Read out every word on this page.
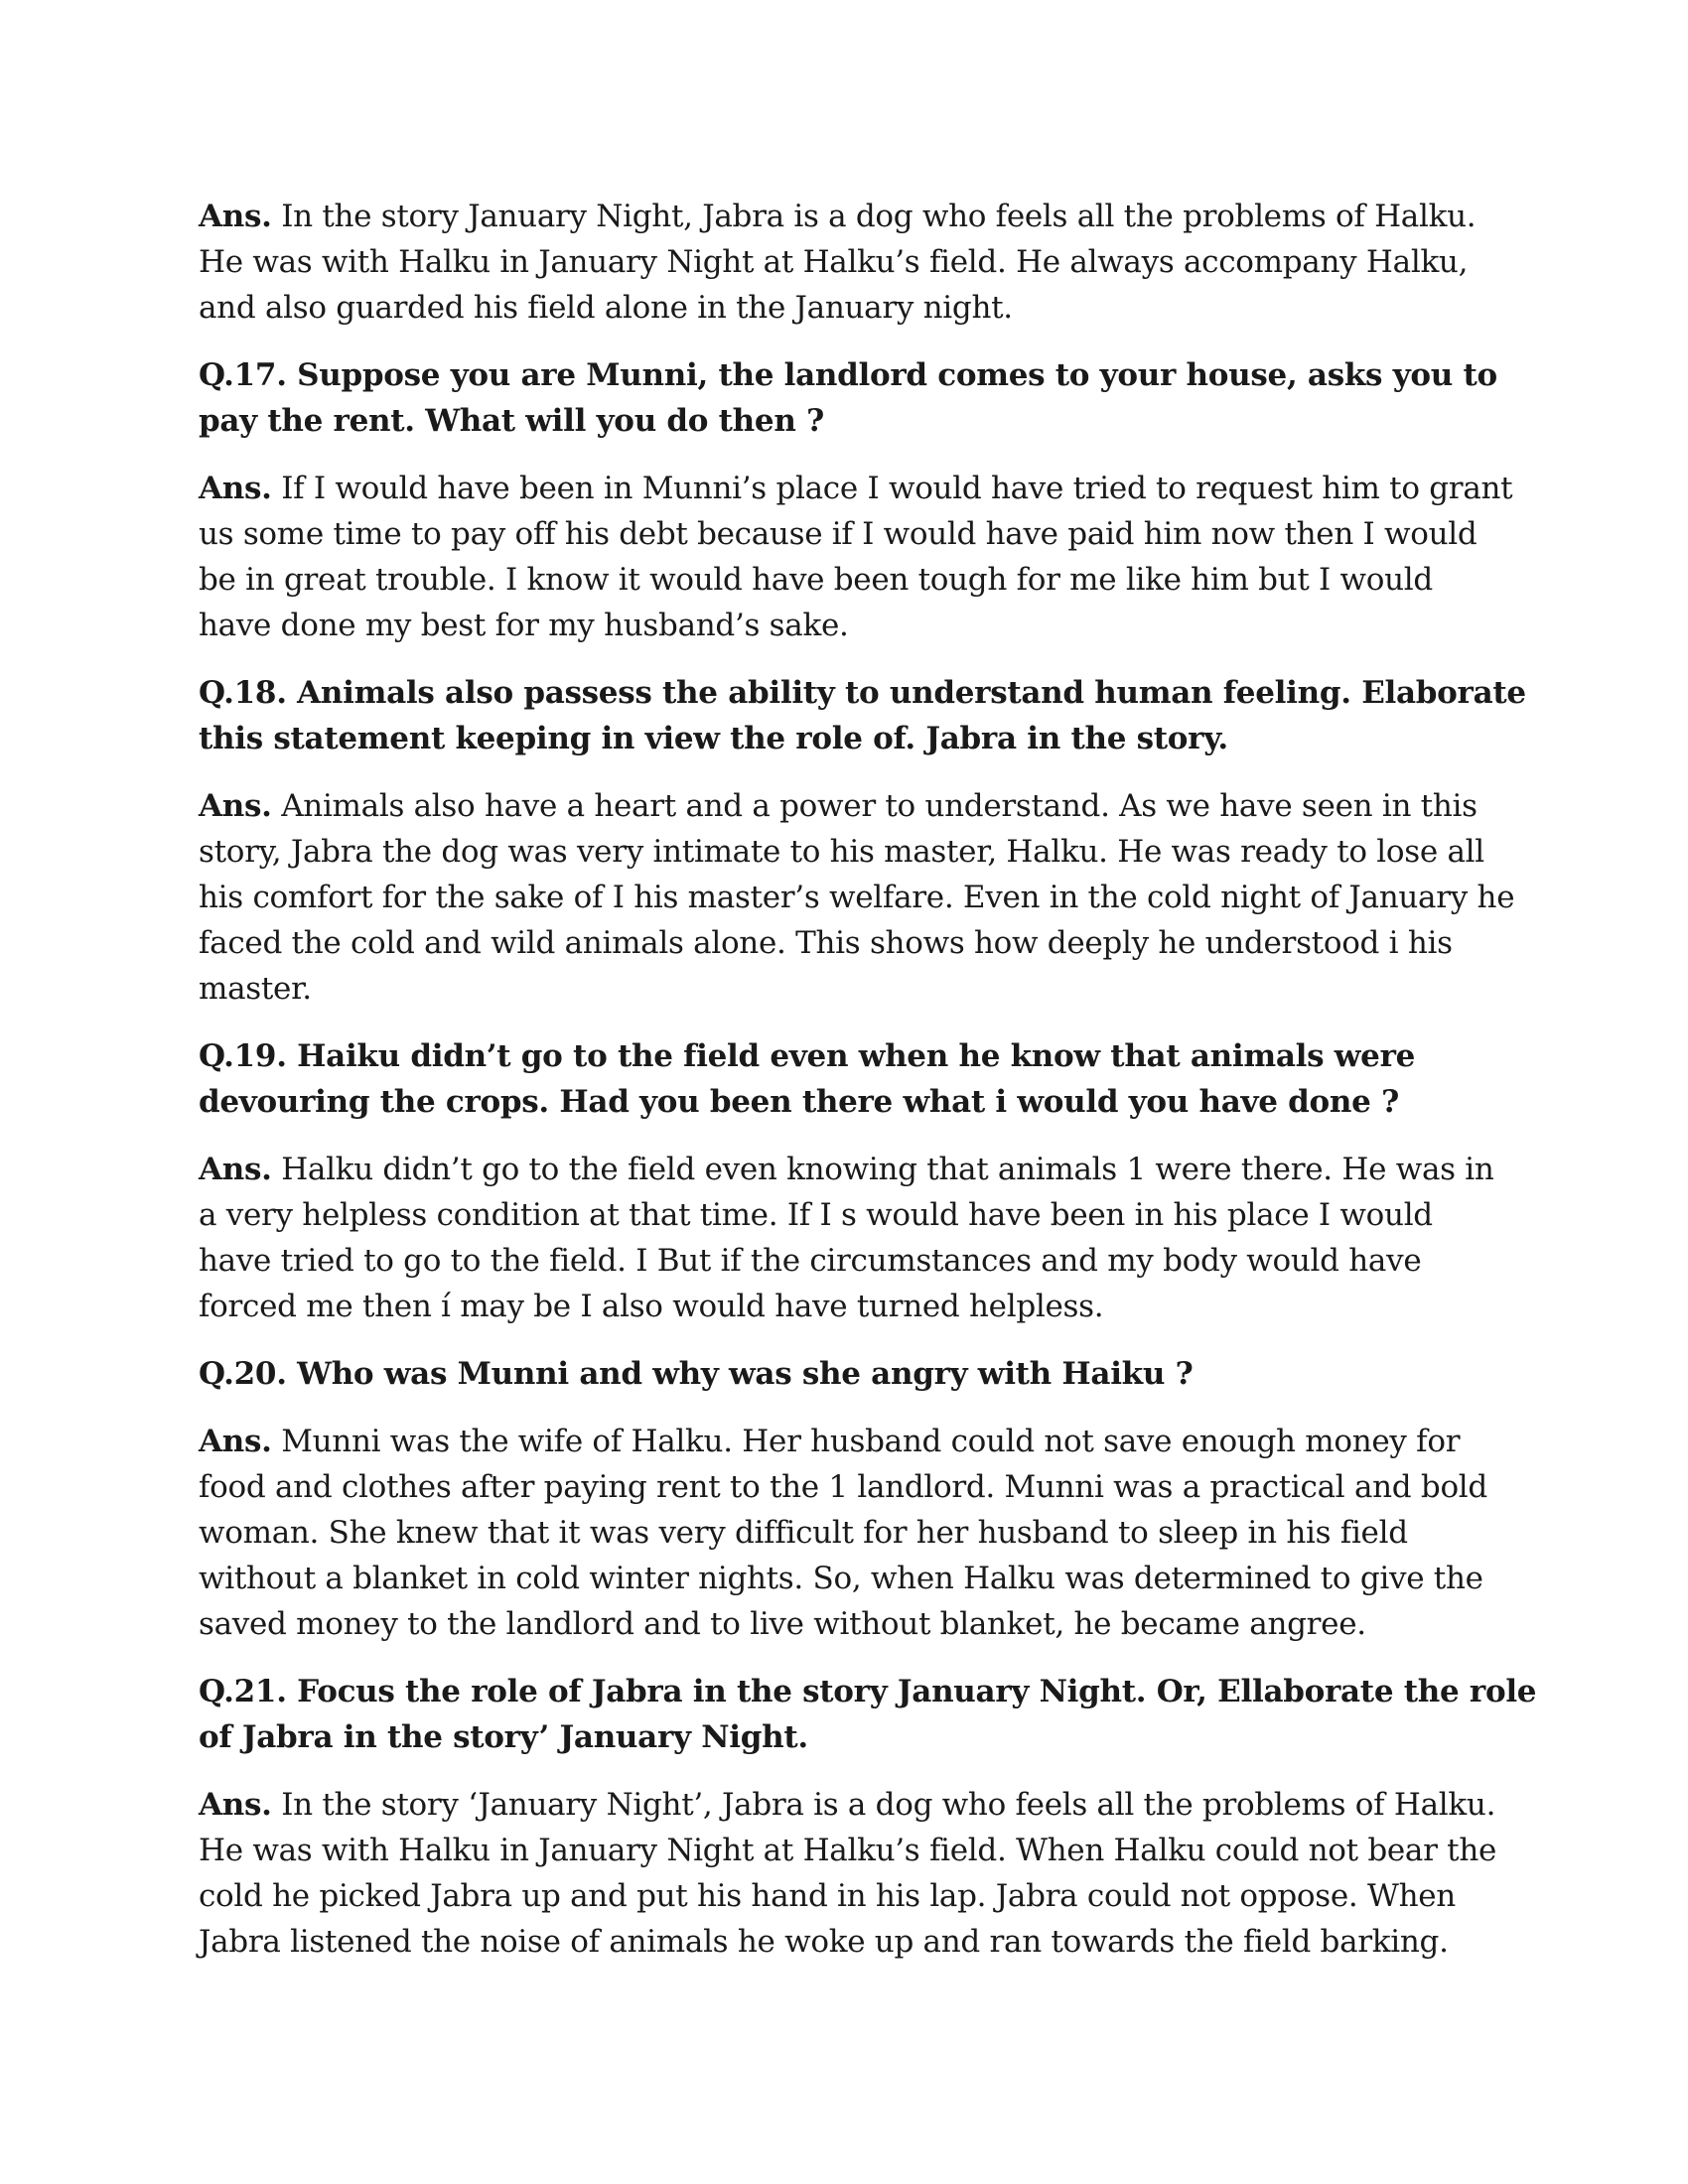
Ans. In the story January Night, Jabra is a dog who feels all the problems of Halku.
He was with Halku in January Night at Halku’s field. He always accompany Halku,
and also guarded his field alone in the January night.
Q.17. Suppose you are Munni, the landlord comes to your house, asks you to
pay the rent. What will you do then ?
Ans. If I would have been in Munni’s place I would have tried to request him to grant
us some time to pay off his debt because if I would have paid him now then I would
be in great trouble. I know it would have been tough for me like him but I would
have done my best for my husband’s sake.
Q.18. Animals also passess the ability to understand human feeling. Elaborate
this statement keeping in view the role of. Jabra in the story.
Ans. Animals also have a heart and a power to understand. As we have seen in this
story, Jabra the dog was very intimate to his master, Halku. He was ready to lose all
his comfort for the sake of I his master’s welfare. Even in the cold night of January he
faced the cold and wild animals alone. This shows how deeply he understood i his
master.
Q.19. Haiku didn’t go to the field even when he know that animals were
devouring the crops. Had you been there what i would you have done ?
Ans. Halku didn’t go to the field even knowing that animals 1 were there. He was in
a very helpless condition at that time. If I s would have been in his place I would
have tried to go to the field. I But if the circumstances and my body would have
forced me then í may be I also would have turned helpless.
Q.20. Who was Munni and why was she angry with Haiku ?
Ans. Munni was the wife of Halku. Her husband could not save enough money for
food and clothes after paying rent to the 1 landlord. Munni was a practical and bold
woman. She knew that it was very difficult for her husband to sleep in his field
without a blanket in cold winter nights. So, when Halku was determined to give the
saved money to the landlord and to live without blanket, he became angree.
Q.21. Focus the role of Jabra in the story January Night. Or, Ellaborate the role
of Jabra in the story’ January Night.
Ans. In the story ‘January Night’, Jabra is a dog who feels all the problems of Halku.
He was with Halku in January Night at Halku’s field. When Halku could not bear the
cold he picked Jabra up and put his hand in his lap. Jabra could not oppose. When
Jabra listened the noise of animals he woke up and ran towards the field barking.
